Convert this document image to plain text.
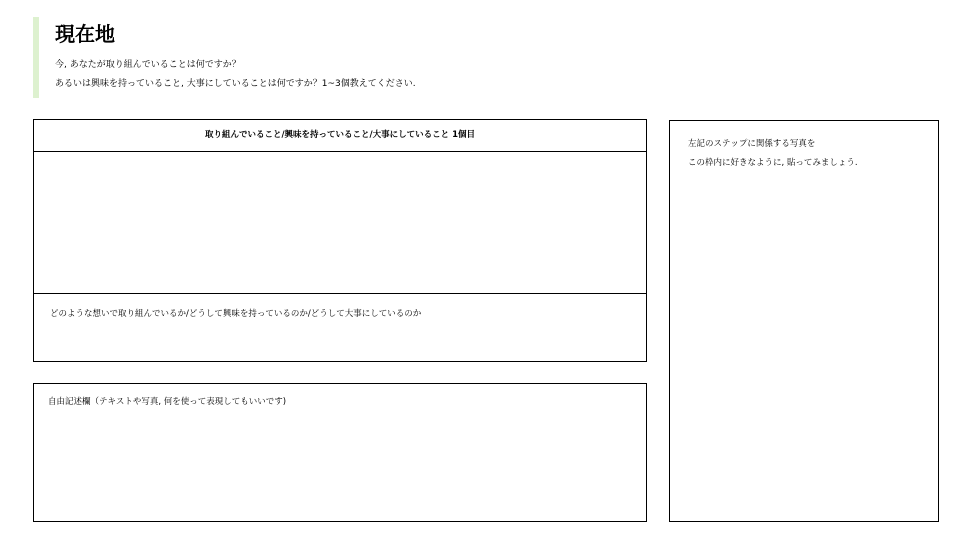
現在地
今, あなたが取り組んでいることは何ですか？
あるいは興味を持っていること, 大事にしていることは何ですか？1~3個教えてください.
取り組んでいること/興味を持っていること/大事にしていること 1個目
どのような想いで取り組んでいるか/どうして興味を持っているのか/どうして大事にしているのか
自由記述欄（テキストや写真, 何を使って表現してもいいです)
左記のステップに関係する写真を
この枠内に好きなように, 貼ってみましょう.
